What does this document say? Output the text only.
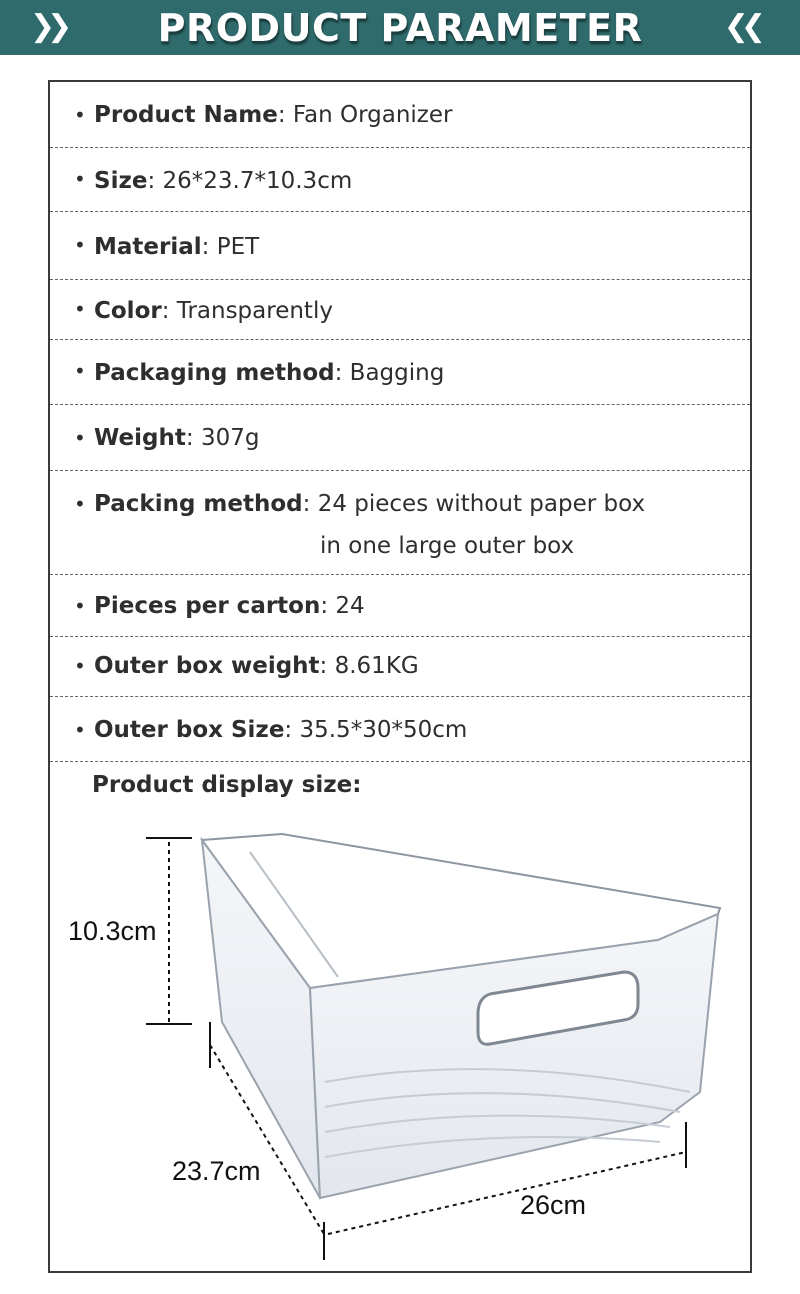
❯❯ PRODUCT PARAMETER	❮❮
• Product Name: Fan Organizer
• Size: 26*23.7*10.3cm
• Material: PET
• Color: Transparently
• Packaging method: Bagging
• Weight: 307g
• Packing method: 24 pieces without paper box
in one large outer box
• Pieces per carton: 24
• Outer box weight: 8.61KG
• Outer box Size: 35.5*30*50cm
Product display size:
10.3cm
23.7cm
26cm
